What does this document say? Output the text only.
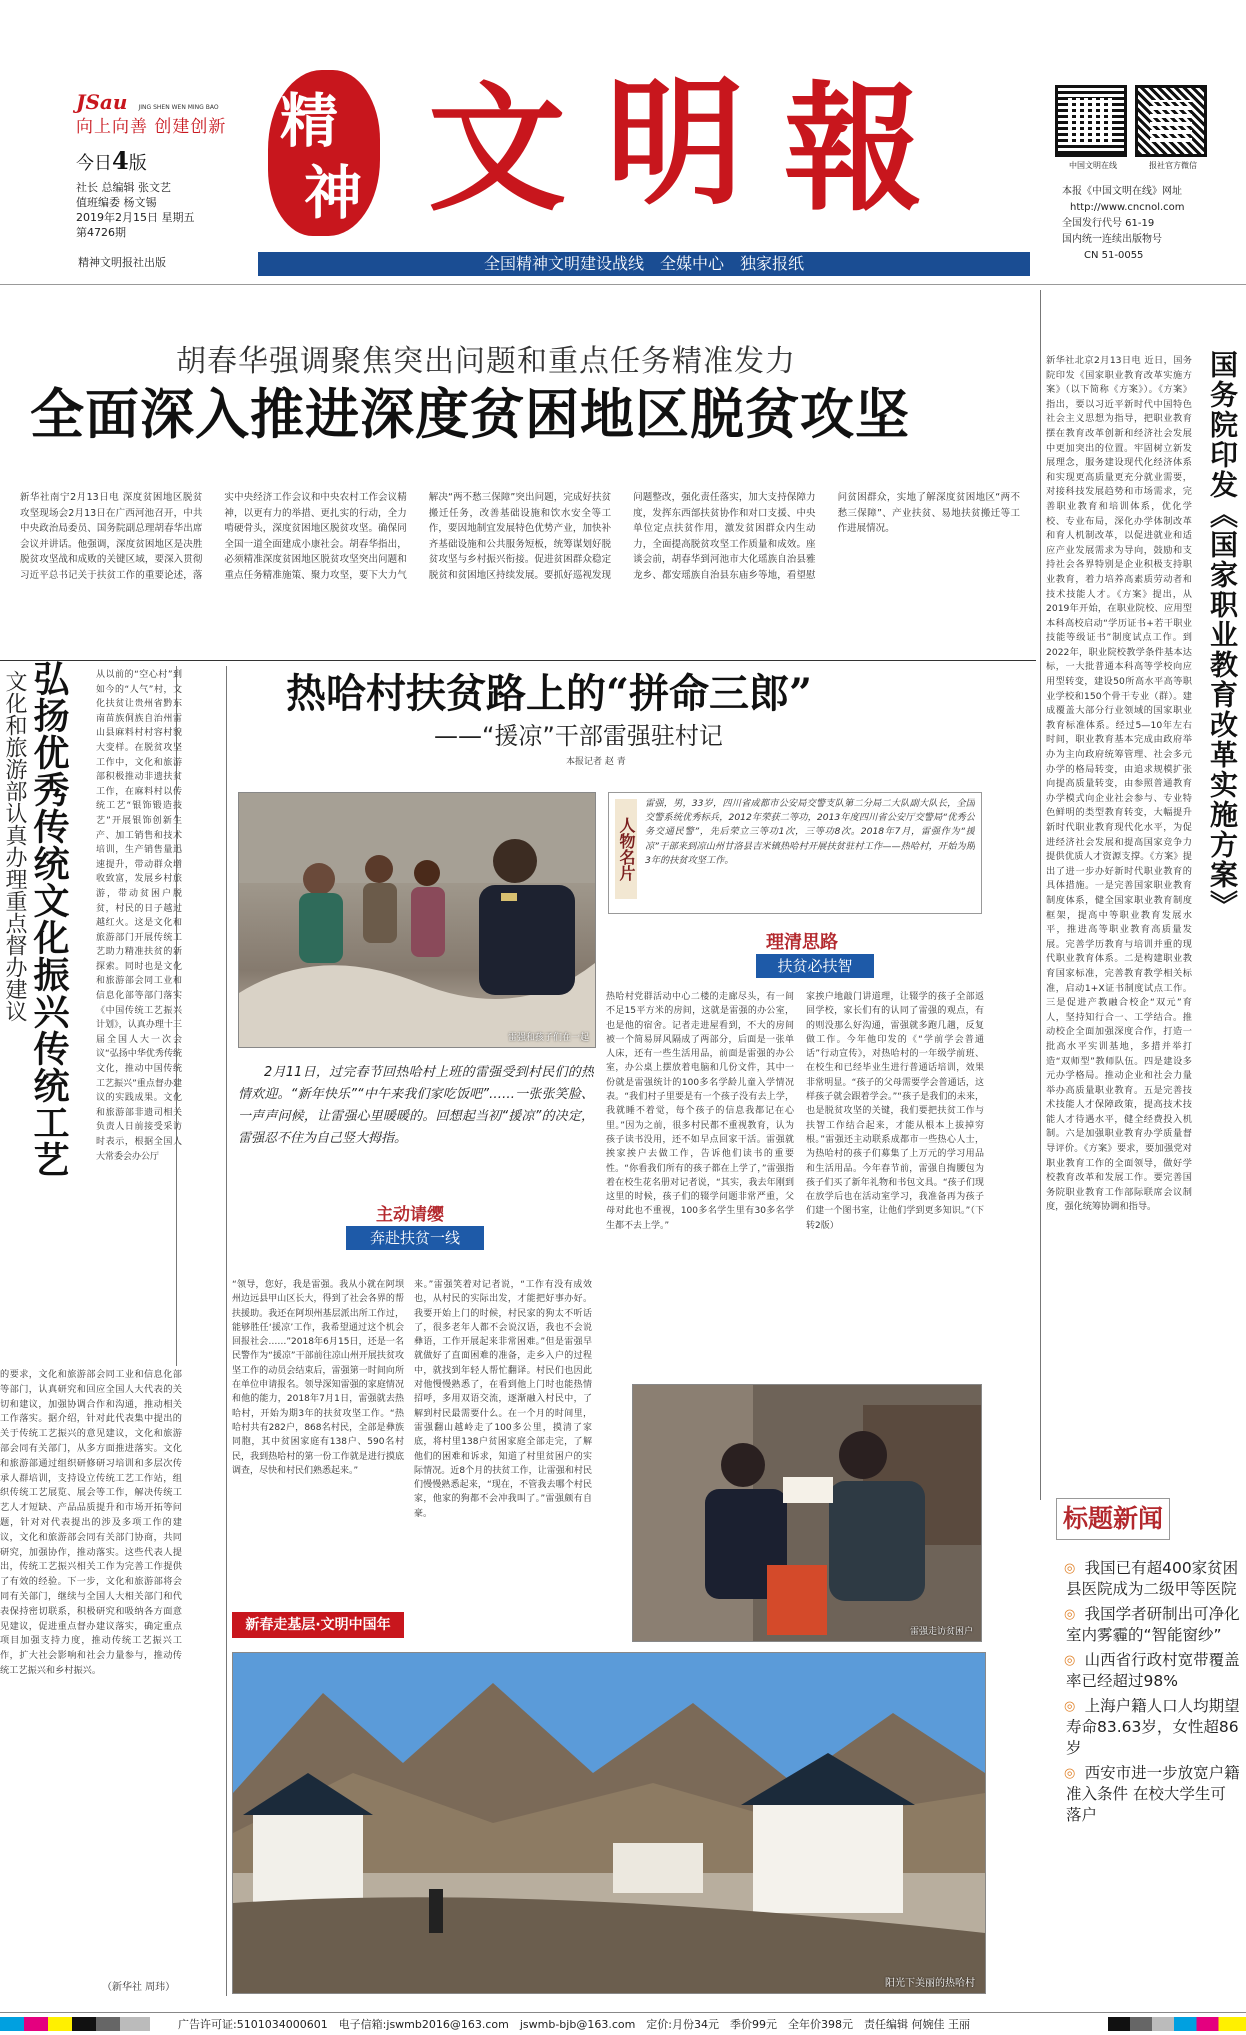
JSau JING SHEN WEN MING BAO
向上向善 创建创新
今日4版
社长 总编辑 张文艺
值班编委 杨文锡
2019年2月15日 星期五
第4726期
精神文明报社出版
精
神 文 明 報
全国精神文明建设战线　全媒中心　独家报纸
中国文明在线	报社官方微信
本报《中国文明在线》网址
http://www.cncnol.com
全国发行代号 61-19
国内统一连续出版物号
CN 51-0055
胡春华强调聚焦突出问题和重点任务精准发力
全面深入推进深度贫困地区脱贫攻坚
新华社南宁2月13日电 深度贫困地区脱贫攻坚现场会2月13日在广西河池召开，中共中央政治局委员、国务院副总理胡春华出席会议并讲话。他强调，深度贫困地区是决胜脱贫攻坚战和成败的关键区域，要深入贯彻习近平总书记关于扶贫工作的重要论述，落实中央经济工作会议和中央农村工作会议精神，以更有力的举措、更扎实的行动，全力啃硬骨头，深度贫困地区脱贫攻坚。确保同全国一道全面建成小康社会。胡春华指出，必须精准深度贫困地区脱贫攻坚突出问题和重点任务精准施策、聚力攻坚，要下大力气解决“两不愁三保障”突出问题，完成好扶贫搬迁任务，改善基础设施和饮水安全等工作，要因地制宜发展特色优势产业，加快补齐基础设施和公共服务短板，统筹谋划好脱贫攻坚与乡村振兴衔接。促进贫困群众稳定脱贫和贫困地区持续发展。要抓好巡视发现问题整改，强化责任落实，加大支持保障力度，发挥东西部扶贫协作和对口支援、中央单位定点扶贫作用，激发贫困群众内生动力，全面提高脱贫攻坚工作质量和成效。座谈会前，胡春华到河池市大化瑶族自治县雅龙乡、都安瑶族自治县东庙乡等地，看望慰问贫困群众，实地了解深度贫困地区“两不愁三保障”、产业扶贫、易地扶贫搬迁等工作进展情况。
新华社北京2月13日电 近日，国务院印发《国家职业教育改革实施方案》（以下简称《方案》）。《方案》指出，要以习近平新时代中国特色社会主义思想为指导，把职业教育摆在教育改革创新和经济社会发展中更加突出的位置。牢固树立新发展理念，服务建设现代化经济体系和实现更高质量更充分就业需要，对接科技发展趋势和市场需求，完善职业教育和培训体系，优化学校、专业布局，深化办学体制改革和育人机制改革，以促进就业和适应产业发展需求为导向，鼓励和支持社会各界特别是企业积极支持职业教育，着力培养高素质劳动者和技术技能人才。《方案》提出，从2019年开始，在职业院校、应用型本科高校启动“学历证书+若干职业技能等级证书”制度试点工作。到2022年，职业院校教学条件基本达标，一大批普通本科高等学校向应用型转变，建设50所高水平高等职业学校和150个骨干专业（群）。建成覆盖大部分行业领域的国家职业教育标准体系。经过5—10年左右时间，职业教育基本完成由政府举办为主向政府统筹管理、社会多元办学的格局转变，由追求规模扩张向提高质量转变，由参照普通教育办学模式向企业社会参与、专业特色鲜明的类型教育转变，大幅提升新时代职业教育现代化水平，为促进经济社会发展和提高国家竞争力提供优质人才资源支撑。《方案》提出了进一步办好新时代职业教育的具体措施。一是完善国家职业教育制度体系，健全国家职业教育制度框架，提高中等职业教育发展水平，推进高等职业教育高质量发展。完善学历教育与培训并重的现代职业教育体系。二是构建职业教育国家标准，完善教育教学相关标准，启动1+X证书制度试点工作。三是促进产教融合校企“双元”育人，坚持知行合一、工学结合。推动校企全面加强深度合作，打造一批高水平实训基地，多措并举打造“双师型”教师队伍。四是建设多元办学格局。推动企业和社会力量举办高质量职业教育。五是完善技术技能人才保障政策，提高技术技能人才待遇水平，健全经费投入机制。六是加强职业教育办学质量督导评价。《方案》要求，要加强党对职业教育工作的全面领导，做好学校教育改革和发展工作。要完善国务院职业教育工作部际联席会议制度，强化统筹协调和指导。
国务院印发《国家职业教育改革实施方案》
弘扬优秀传统文化振兴传统工艺
文化和旅游部认真办理重点督办建议	从以前的“空心村”到如今的“人气”村，文化扶贫让贵州省黔东南苗族侗族自治州雷山县麻料村村容村貌大变样。在脱贫攻坚工作中，文化和旅游部积极推动非遗扶贫工作，在麻料村以传统工艺“银饰锻造技艺”开展银饰创新生产、加工销售和技术培训，生产销售量迅速提升，带动群众增收致富，发展乡村旅游，带动贫困户脱贫，村民的日子越过越红火。这是文化和旅游部门开展传统工艺助力精准扶贫的新探索。同时也是文化和旅游部会同工业和信息化部等部门落实《中国传统工艺振兴计划》，认真办理十三届全国人大一次会议“弘扬中华优秀传统文化，推动中国传统工艺振兴”重点督办建议的实践成果。文化和旅游部非遗司相关负责人日前接受采访时表示，根据全国人大常委会办公厅
的要求，文化和旅游部会同工业和信息化部等部门，认真研究和回应全国人大代表的关切和建议，加强协调合作和沟通，推动相关工作落实。据介绍，针对此代表集中提出的关于传统工艺振兴的意见建议，文化和旅游部会同有关部门，从多方面推进落实。文化和旅游部通过组织研修研习培训和多层次传承人群培训，支持设立传统工艺工作站，组织传统工艺展览、展会等工作，解决传统工艺人才短缺、产品品质提升和市场开拓等问题，针对对代表提出的涉及多项工作的建议，文化和旅游部会同有关部门协商，共同研究，加强协作，推动落实。这些代表人提出，传统工艺振兴相关工作为完善工作提供了有效的经验。下一步，文化和旅游部将会同有关部门，继续与全国人大相关部门和代表保持密切联系，积极研究和吸纳各方面意见建议，促进重点督办建议落实，确定重点项目加强支持力度，推动传统工艺振兴工作，扩大社会影响和社会力量参与，推动传统工艺振兴和乡村振兴。
（新华社 周玮）
热哈村扶贫路上的“拼命三郎”
——“援凉”干部雷强驻村记
本报记者 赵 青
雷强和孩子们在一起
人物名片
雷强，男，33岁，四川省成都市公安局交警支队第二分局二大队副大队长，全国交警系统优秀标兵，2012年荣获二等功，2013年度四川省公安厅交警局“优秀公务交通民警”，先后荣立三等功1次，三等功8次。2018年7月，雷强作为“援凉”干部来到凉山州甘洛县吉米镇热哈村开展扶贫驻村工作——热哈村，开始为期3年的扶贫攻坚工作。
理清思路
扶贫必扶智
2月11日，过完春节回热哈村上班的雷强受到村民们的热情欢迎。“新年快乐”“中午来我们家吃饭吧”……一张张笑脸、一声声问候，让雷强心里暖暖的。回想起当初“援凉”的决定，雷强忍不住为自己竖大拇指。
主动请缨
奔赴扶贫一线
“领导，您好，我是雷强。我从小就在阿坝州边远县甲山区长大，得到了社会各界的帮扶援助。我还在阿坝州基层派出所工作过，能够胜任‘援凉’工作，我希望通过这个机会回报社会……”2018年6月15日，还是一名民警作为“援凉”干部前往凉山州开展扶贫攻坚工作的动员会结束后，雷强第一时间向所在单位申请报名。领导深知雷强的家庭情况和他的能力，2018年7月1日，雷强就去热哈村，开始为期3年的扶贫攻坚工作。“热哈村共有282户，868名村民，全部是彝族同胞，其中贫困家庭有138户、590名村民，我到热哈村的第一份工作就是进行摸底调查，尽快和村民们熟悉起来。”
来。”雷强笑着对记者说，“工作有没有成效也，从村民的实际出发，才能把好事办好。我要开始上门的时候，村民家的狗太不听话了，很多老年人都不会说汉语，我也不会说彝语，工作开展起来非常困难。”但是雷强早就做好了直面困难的准备，走乡入户的过程中，就找到年轻人帮忙翻译。村民们也因此对他慢慢熟悉了，在看到他上门时也能热情招呼，多用双语交流，逐渐融入村民中，了解到村民最需要什么。在一个月的时间里，雷强翻山越岭走了100多公里，摸清了家底，将村里138户贫困家庭全部走完，了解他们的困难和诉求，知道了村里贫困户的实际情况。近8个月的扶贫工作，让雷强和村民们慢慢熟悉起来，“现在，不管我去哪个村民家，他家的狗都不会冲我叫了。”雷强颇有自豪。
热哈村党群活动中心二楼的走廊尽头，有一间不足15平方米的房间，这就是雷强的办公室，也是他的宿舍。记者走进屋看到，不大的房间被一个简易屏风隔成了两部分，后面是一张单人床，还有一些生活用品，前面是雷强的办公室，办公桌上摆放着电脑和几份文件，其中一份就是雷强统计的100多名学龄儿童入学情况表。“我们村子里要是有一个孩子没有去上学，我就睡不着觉，每个孩子的信息我都记在心里。”因为之前，很多村民都不重视教育，认为孩子读书没用，还不如早点回家干活。雷强就挨家挨户去做工作，告诉他们读书的重要性。“你看我们所有的孩子都在上学了，”雷强指着在校生花名册对记者说，“其实，我去年刚到这里的时候，孩子们的辍学问题非常严重，父母对此也不重视，100多名学生里有30多名学生都不去上学。”
家挨户地敲门讲道理，让辍学的孩子全部返回学校，家长们有的认同了雷强的观点，有的则没那么好沟通，雷强就多跑几趟，反复做工作。今年他印发的《“学前学会普通话”行动宣传》，对热哈村的一年级学前班、在校生和已经毕业生进行普通话培训，效果非常明显。“孩子的父母需要学会普通话，这样孩子就会跟着学会。”“孩子是我们的未来，也是脱贫攻坚的关键，我们要把扶贫工作与扶智工作结合起来，才能从根本上拔掉穷根。”雷强还主动联系成都市一些热心人士，为热哈村的孩子们募集了上万元的学习用品和生活用品。今年春节前，雷强自掏腰包为孩子们买了新年礼物和书包文具。“孩子们现在放学后也在活动室学习，我准备再为孩子们建一个图书室，让他们学到更多知识。”（下转2版）
新春走基层·文明中国年	雷强走访贫困户
阳光下美丽的热哈村
标题新闻
◎ 我国已有超400家贫困县医院成为二级甲等医院
◎ 我国学者研制出可净化室内雾霾的“智能窗纱”
◎ 山西省行政村宽带覆盖率已经超过98%
◎ 上海户籍人口人均期望寿命83.63岁，女性超86岁
◎ 西安市进一步放宽户籍准入条件 在校大学生可落户
广告许可证:5101034000601　电子信箱:jswmb2016@163.com　jswmb-bjb@163.com　定价:月份34元　季价99元　全年价398元　责任编辑 何婉佳 王丽
